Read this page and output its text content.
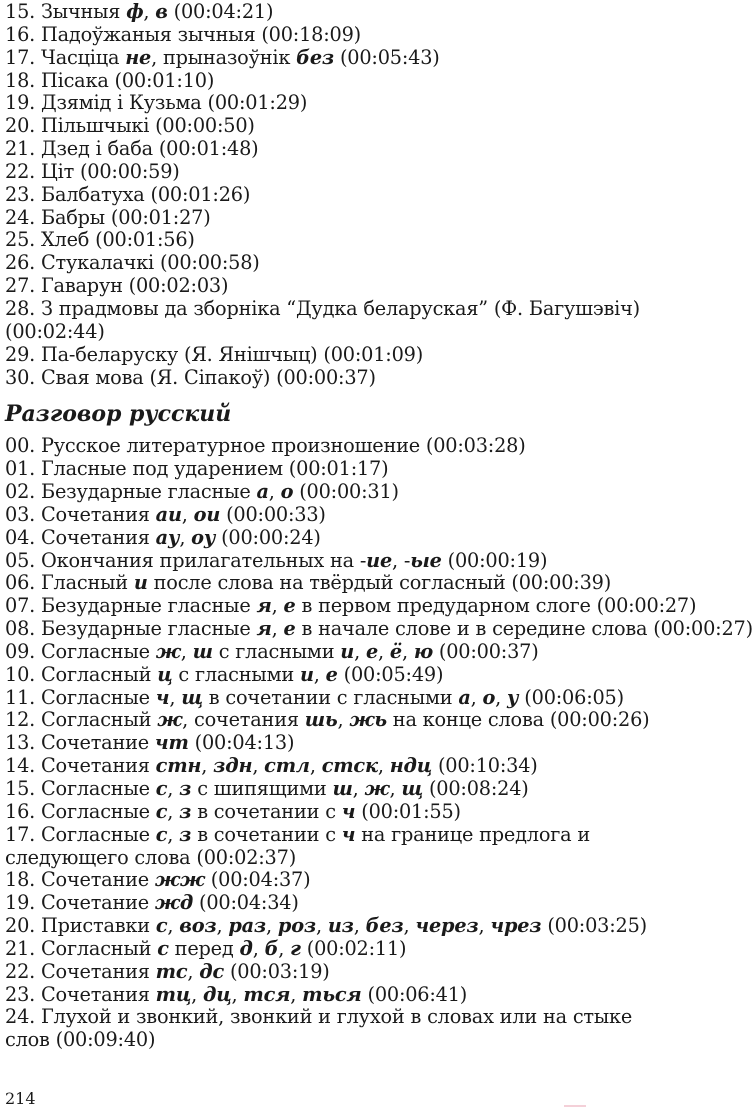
15. Зычныя ф, в (00:04:21)
16. Падоўжаныя зычныя (00:18:09)
17. Часціца не, прыназоўнік без (00:05:43)
18. Пісака (00:01:10)
19. Дзямід і Кузьма (00:01:29)
20. Пільшчыкі (00:00:50)
21. Дзед і баба (00:01:48)
22. Ціт (00:00:59)
23. Балбатуха (00:01:26)
24. Бабры (00:01:27)
25. Хлеб (00:01:56)
26. Стукалачкі (00:00:58)
27. Гаварун (00:02:03)
28. З прадмовы да зборніка “Дудка беларуская” (Ф. Багушэвіч) (00:02:44)
29. Па-беларуску (Я. Янішчыц) (00:01:09)
30. Свая мова (Я. Сіпакоў) (00:00:37)
Разговор русский
00. Русское литературное произношение (00:03:28)
01. Гласные под ударением (00:01:17)
02. Безударные гласные а, о (00:00:31)
03. Сочетания аи, ои (00:00:33)
04. Сочетания ау, оу (00:00:24)
05. Окончания прилагательных на -ие, -ые (00:00:19)
06. Гласный и после слова на твёрдый согласный (00:00:39)
07. Безударные гласные я, е в первом предударном слоге (00:00:27)
08. Безударные гласные я, е в начале слове и в середине слова (00:00:27)
09. Согласные ж, ш с гласными и, е, ё, ю (00:00:37)
10. Согласный ц с гласными и, е (00:05:49)
11. Согласные ч, щ в сочетании с гласными а, о, у (00:06:05)
12. Согласный ж, сочетания шь, жь на конце слова (00:00:26)
13. Сочетание чт (00:04:13)
14. Сочетания стн, здн, стл, стск, ндц (00:10:34)
15. Согласные с, з с шипящими ш, ж, щ (00:08:24)
16. Согласные с, з в сочетании с ч (00:01:55)
17. Согласные с, з в сочетании с ч на границе предлога и следующего слова (00:02:37)
18. Сочетание жж (00:04:37)
19. Сочетание жд (00:04:34)
20. Приставки с, воз, раз, роз, из, без, через, чрез (00:03:25)
21. Согласный с перед д, б, г (00:02:11)
22. Сочетания тс, дс (00:03:19)
23. Сочетания тц, дц, тся, ться (00:06:41)
24. Глухой и звонкий, звонкий и глухой в словах или на стыке слов (00:09:40)
214
